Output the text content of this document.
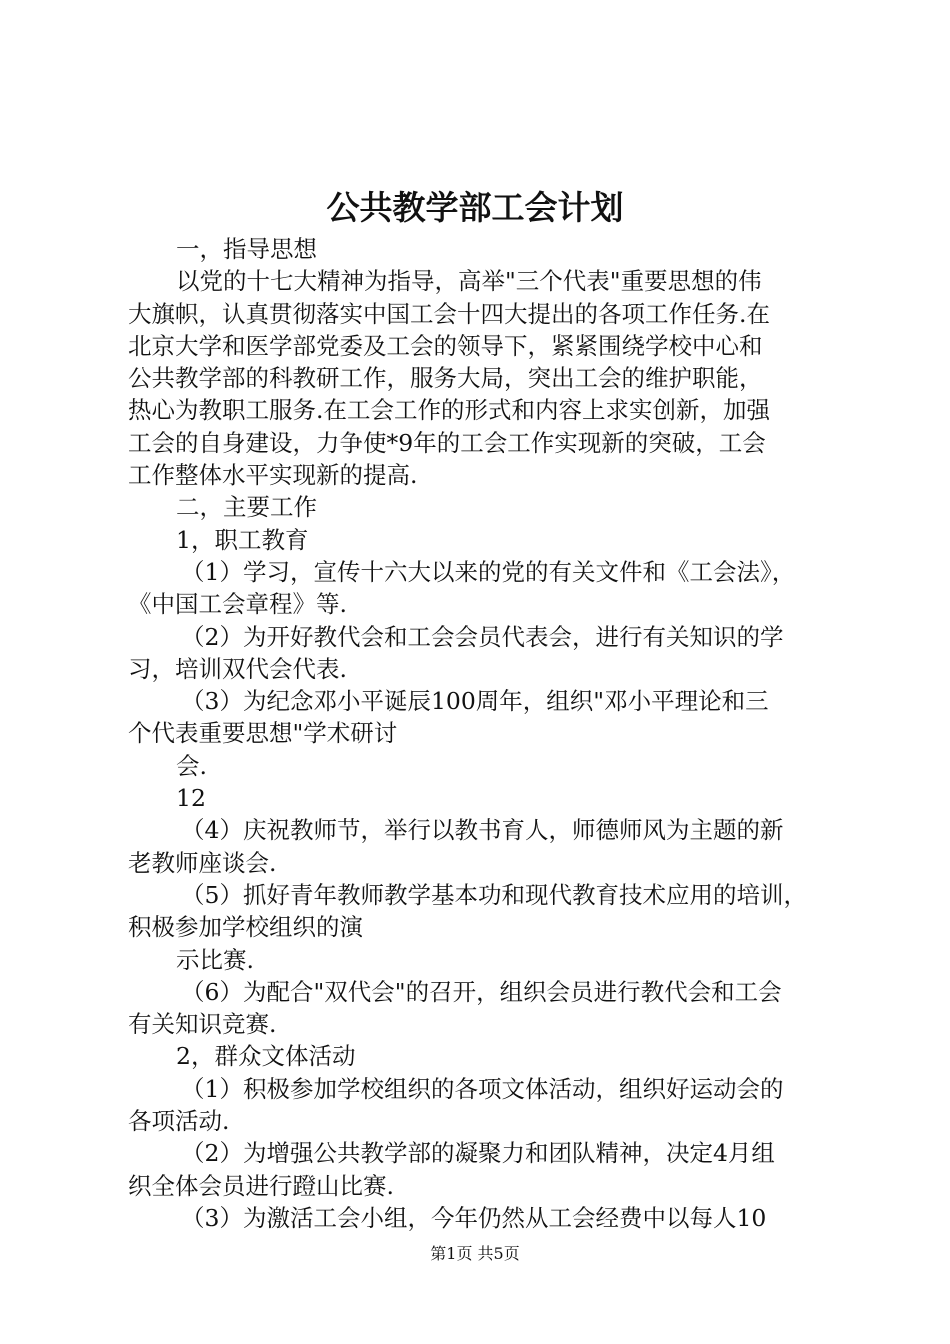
公共教学部工会计划
一，指导思想
以党的十七大精神为指导，高举"三个代表"重要思想的伟
大旗帜，认真贯彻落实中国工会十四大提出的各项工作任务.在
北京大学和医学部党委及工会的领导下，紧紧围绕学校中心和
公共教学部的科教研工作，服务大局，突出工会的维护职能，
热心为教职工服务.在工会工作的形式和内容上求实创新，加强
工会的自身建设，力争使*9年的工会工作实现新的突破，工会
工作整体水平实现新的提高.
二，主要工作
1，职工教育
（1）学习，宣传十六大以来的党的有关文件和《工会法》，
《中国工会章程》等.
（2）为开好教代会和工会会员代表会，进行有关知识的学
习，培训双代会代表.
（3）为纪念邓小平诞辰100周年，组织"邓小平理论和三
个代表重要思想"学术研讨
会.
12
（4）庆祝教师节，举行以教书育人，师德师风为主题的新
老教师座谈会.
（5）抓好青年教师教学基本功和现代教育技术应用的培训，
积极参加学校组织的演
示比赛.
（6）为配合"双代会"的召开，组织会员进行教代会和工会
有关知识竞赛.
2，群众文体活动
（1）积极参加学校组织的各项文体活动，组织好运动会的
各项活动.
（2）为增强公共教学部的凝聚力和团队精神，决定4月组
织全体会员进行蹬山比赛.
（3）为激活工会小组，今年仍然从工会经费中以每人10
第1页 共5页
